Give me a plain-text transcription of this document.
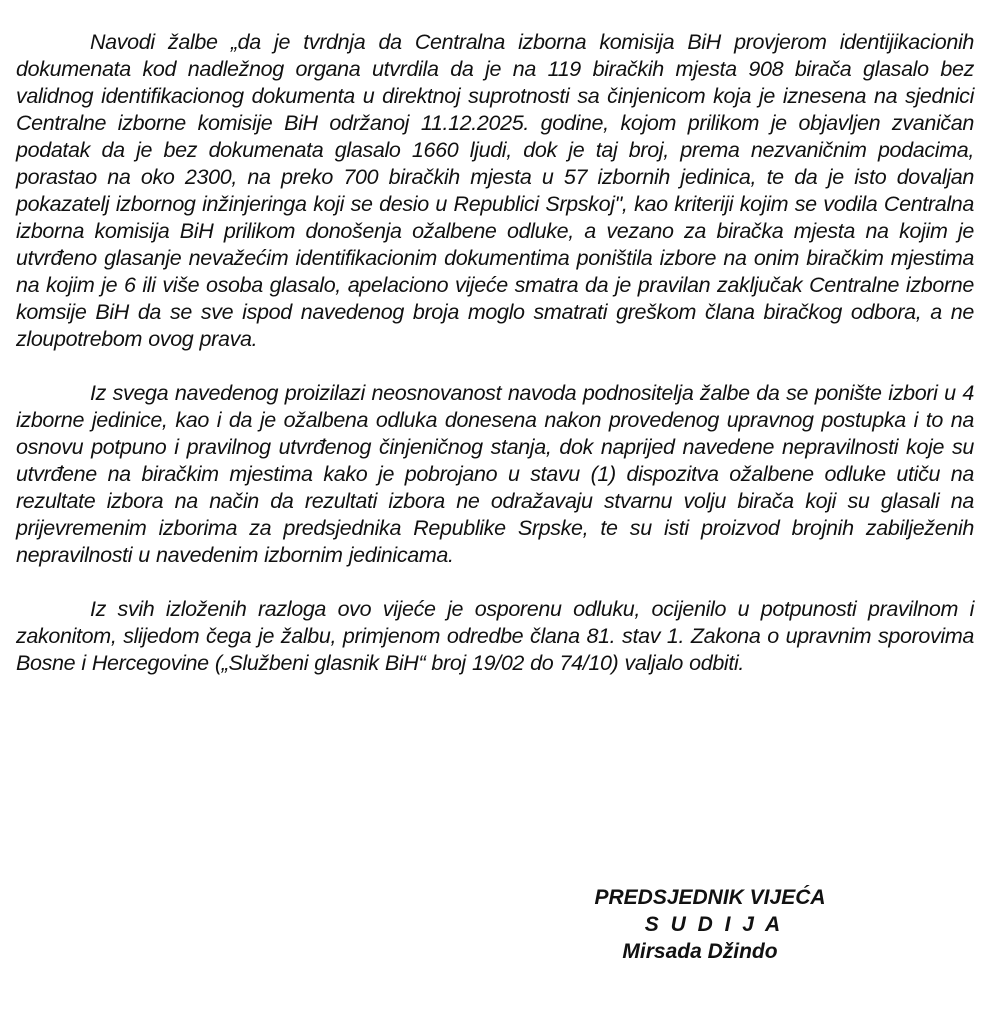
Navodi žalbe „da je tvrdnja da Centralna izborna komisija BiH provjerom identijikacionih dokumenata kod nadležnog organa utvrdila da je na 119 biračkih mjesta 908 birača glasalo bez validnog identifikacionog dokumenta u direktnoj suprotnosti sa činjenicom koja je iznesena na sjednici Centralne izborne komisije BiH održanoj 11.12.2025. godine, kojom prilikom je objavljen zvaničan podatak da je bez dokumenata glasalo 1660 ljudi, dok je taj broj, prema nezvaničnim podacima, porastao na oko 2300, na preko 700 biračkih mjesta u 57 izbornih jedinica, te da je isto dovaljan pokazatelj izbornog inžinjeringa koji se desio u Republici Srpskoj", kao kriteriji kojim se vodila Centralna izborna komisija BiH prilikom donošenja ožalbene odluke, a vezano za biračka mjesta na kojim je utvrđeno glasanje nevažećim identifikacionim dokumentima poništila izbore na onim biračkim mjestima na kojim je 6 ili više osoba glasalo, apelaciono vijeće smatra da je pravilan zaključak Centralne izborne komsije BiH da se sve ispod navedenog broja moglo smatrati greškom člana biračkog odbora, a ne zloupotrebom ovog prava.

Iz svega navedenog proizilazi neosnovanost navoda podnositelja žalbe da se ponište izbori u 4 izborne jedinice, kao i da je ožalbena odluka donesena nakon provedenog upravnog postupka i to na osnovu potpuno i pravilnog utvrđenog činjeničnog stanja, dok naprijed navedene nepravilnosti koje su utvrđene na biračkim mjestima kako je pobrojano u stavu (1) dispozitva ožalbene odluke utiču na rezultate izbora na način da rezultati izbora ne odražavaju stvarnu volju birača koji su glasali na prijevremenim izborima za predsjednika Republike Srpske, te su isti proizvod brojnih zabilježenih nepravilnosti u navedenim izbornim jedinicama.

Iz svih izloženih razloga ovo vijeće je osporenu odluku, ocijenilo u potpunosti pravilnom i zakonitom, slijedom čega je žalbu, primjenom odredbe člana 81. stav 1. Zakona o upravnim sporovima Bosne i Hercegovine („Službeni glasnik BiH“ broj 19/02 do 74/10) valjalo odbiti.

PREDSJEDNIK VIJEĆA
S U D I J A
Mirsada Džindo
